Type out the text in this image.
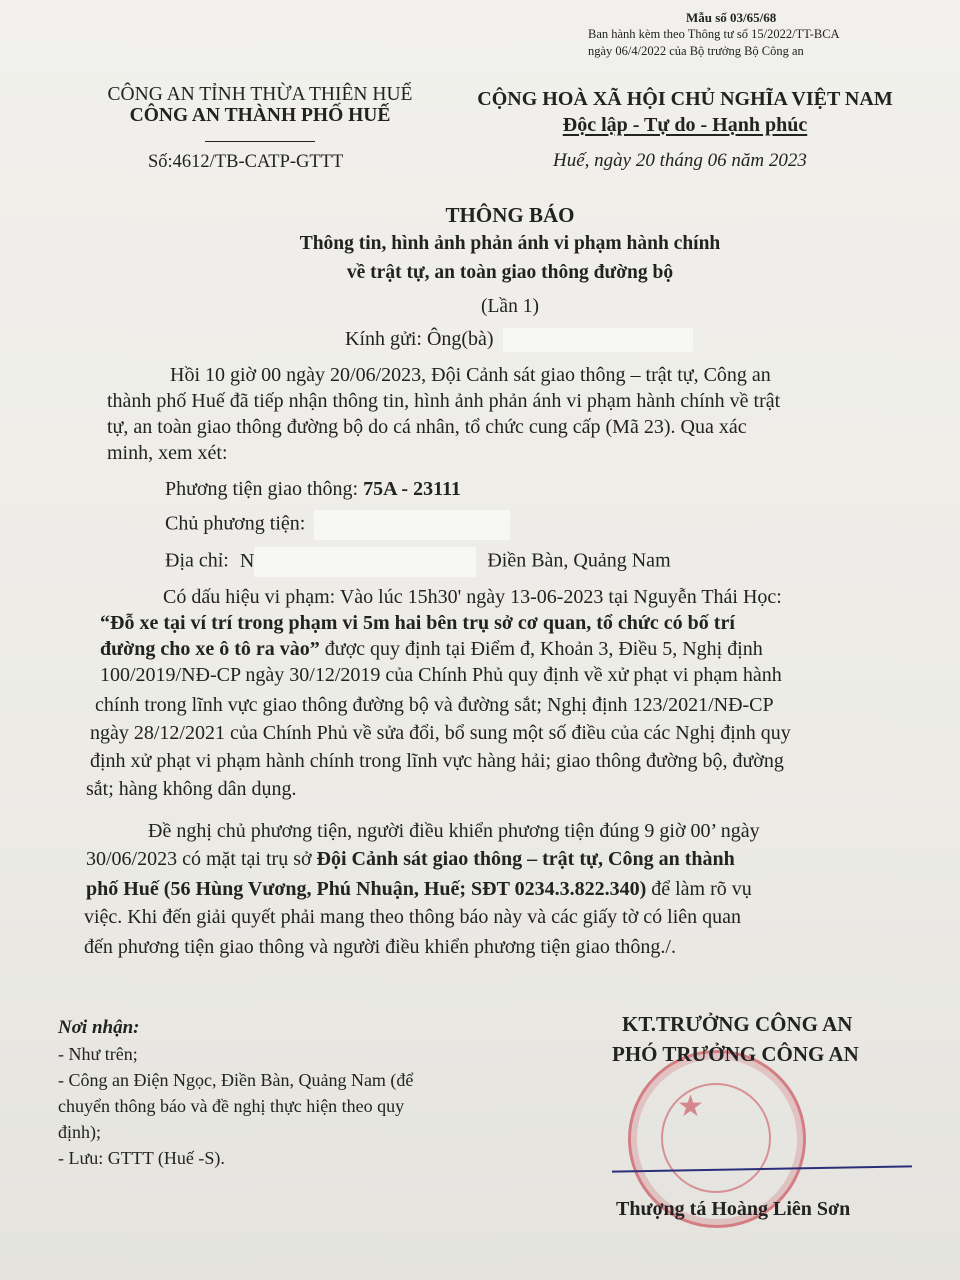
Mẫu số 03/65/68
Ban hành kèm theo Thông tư số 15/2022/TT-BCA
ngày 06/4/2022 của Bộ trưởng Bộ Công an
CÔNG AN TỈNH THỪA THIÊN HUẾ
CÔNG AN THÀNH PHỐ HUẾ
CỘNG HOÀ XÃ HỘI CHỦ NGHĨA VIỆT NAM
Độc lập - Tự do - Hạnh phúc
Số:4612/TB-CATP-GTTT	Huế, ngày 20 tháng 06 năm 2023
THÔNG BÁO
Thông tin, hình ảnh phản ánh vi phạm hành chính
về trật tự, an toàn giao thông đường bộ
(Lần 1)
Kính gửi: Ông(bà)
Hồi 10 giờ 00 ngày 20/06/2023, Đội Cảnh sát giao thông – trật tự, Công an
thành phố Huế đã tiếp nhận thông tin, hình ảnh phản ánh vi phạm hành chính về trật
tự, an toàn giao thông đường bộ do cá nhân, tổ chức cung cấp (Mã 23). Qua xác
minh, xem xét:
Phương tiện giao thông: 75A - 23111
Chủ phương tiện:
Địa chỉ: N	Điền Bàn, Quảng Nam
Có dấu hiệu vi phạm: Vào lúc 15h30' ngày 13-06-2023 tại Nguyễn Thái Học:
“Đỗ xe tại ví trí trong phạm vi 5m hai bên trụ sở cơ quan, tổ chức có bố trí
đường cho xe ô tô ra vào” được quy định tại Điểm đ, Khoản 3, Điều 5, Nghị định
100/2019/NĐ-CP ngày 30/12/2019 của Chính Phủ quy định về xử phạt vi phạm hành
chính trong lĩnh vực giao thông đường bộ và đường sắt; Nghị định 123/2021/NĐ-CP
ngày 28/12/2021 của Chính Phủ về sửa đổi, bổ sung một số điều của các Nghị định quy
định xử phạt vi phạm hành chính trong lĩnh vực hàng hải; giao thông đường bộ, đường
sắt; hàng không dân dụng.
Đề nghị chủ phương tiện, người điều khiển phương tiện đúng 9 giờ 00’ ngày
30/06/2023 có mặt tại trụ sở Đội Cảnh sát giao thông – trật tự, Công an thành
phố Huế (56 Hùng Vương, Phú Nhuận, Huế; SĐT 0234.3.822.340) để làm rõ vụ
việc. Khi đến giải quyết phải mang theo thông báo này và các giấy tờ có liên quan
đến phương tiện giao thông và người điều khiển phương tiện giao thông./.
Nơi nhận:
- Như trên;
- Công an Điện Ngọc, Điền Bàn, Quảng Nam (để
chuyển thông báo và đề nghị thực hiện theo quy
định);
- Lưu: GTTT (Huế -S).
★
KT.TRƯỞNG CÔNG AN
PHÓ TRƯỞNG CÔNG AN
Thượng tá Hoàng Liên Sơn
